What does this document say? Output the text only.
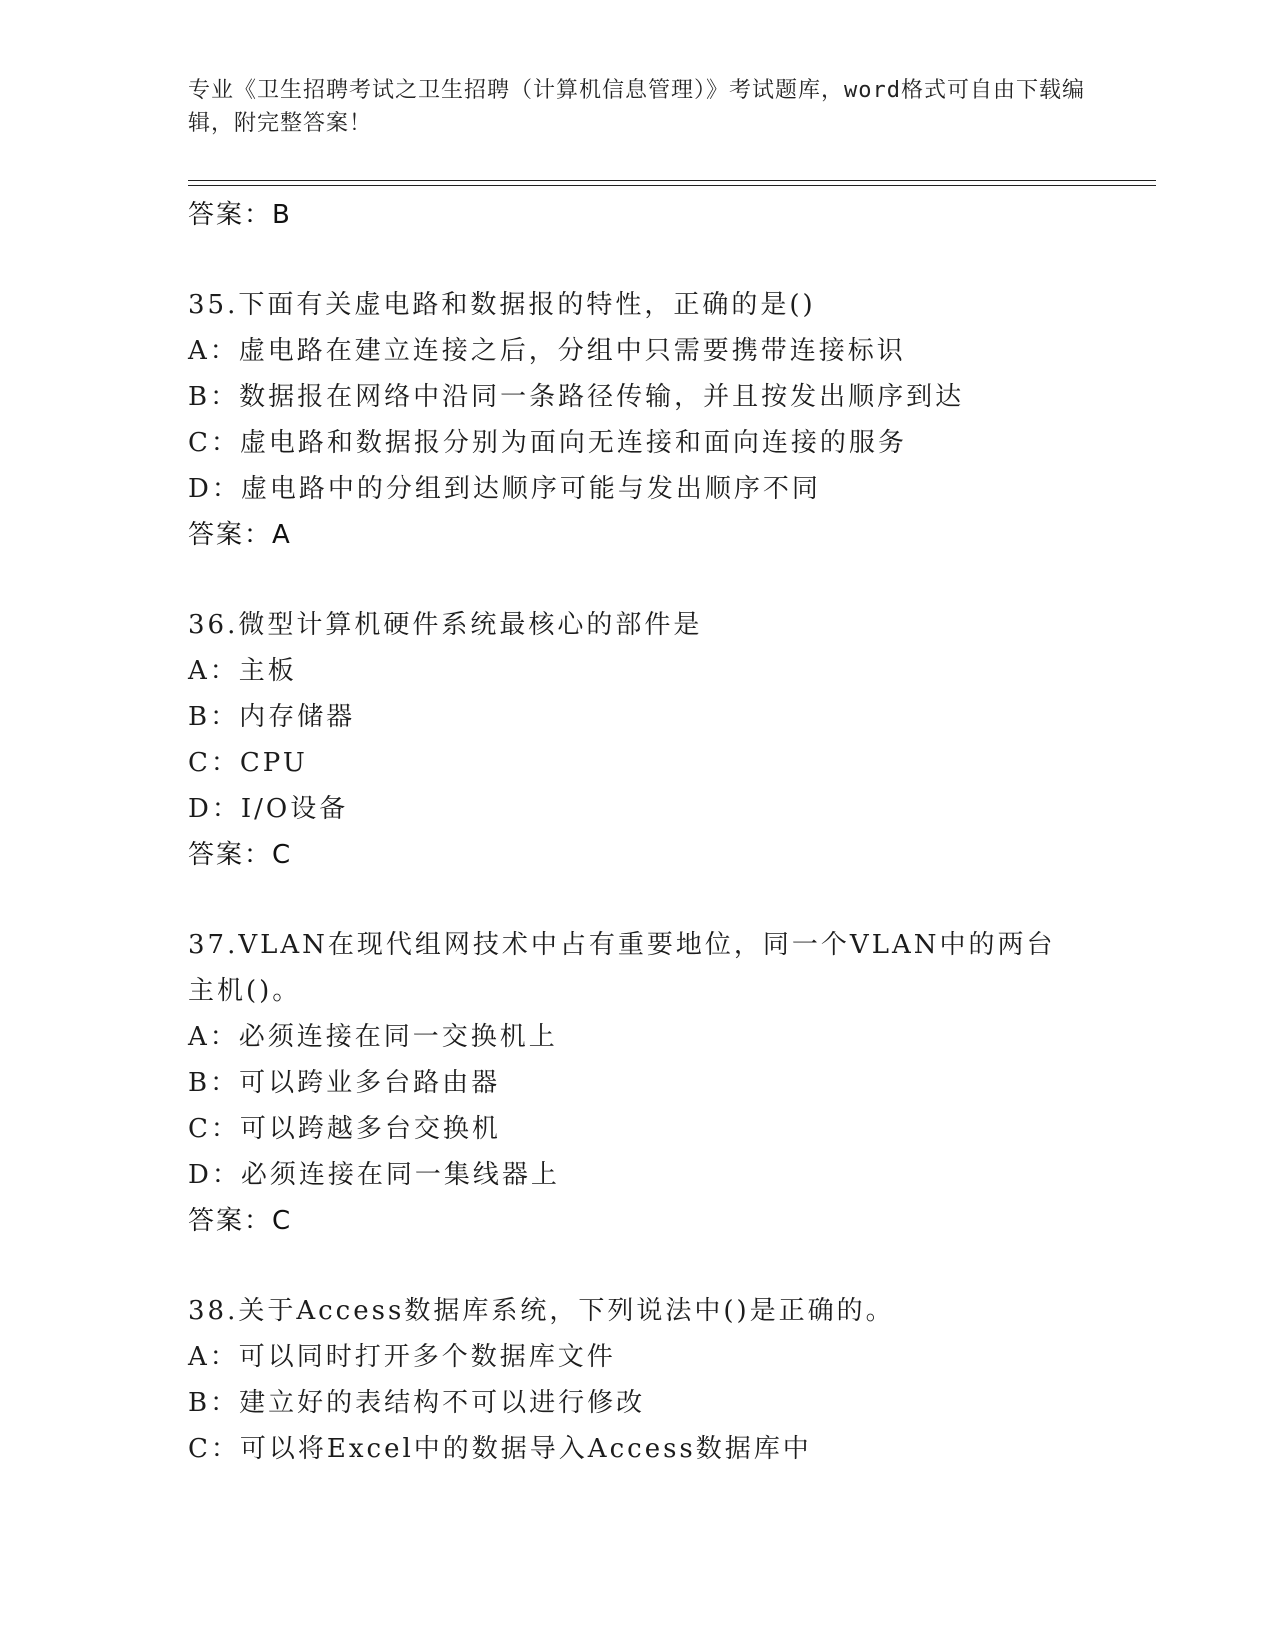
专业《卫生招聘考试之卫生招聘（计算机信息管理）》考试题库，word格式可自由下载编辑，附完整答案！
答案：B
35.下面有关虚电路和数据报的特性，正确的是()
A：虚电路在建立连接之后，分组中只需要携带连接标识
B：数据报在网络中沿同一条路径传输，并且按发出顺序到达
C：虚电路和数据报分别为面向无连接和面向连接的服务
D：虚电路中的分组到达顺序可能与发出顺序不同
答案：A
36.微型计算机硬件系统最核心的部件是
A：主板
B：内存储器
C：CPU
D：I/O设备
答案：C
37.VLAN在现代组网技术中占有重要地位，同一个VLAN中的两台主机()。
A：必须连接在同一交换机上
B：可以跨业多台路由器
C：可以跨越多台交换机
D：必须连接在同一集线器上
答案：C
38.关于Access数据库系统，下列说法中()是正确的。
A：可以同时打开多个数据库文件
B：建立好的表结构不可以进行修改
C：可以将Excel中的数据导入Access数据库中
